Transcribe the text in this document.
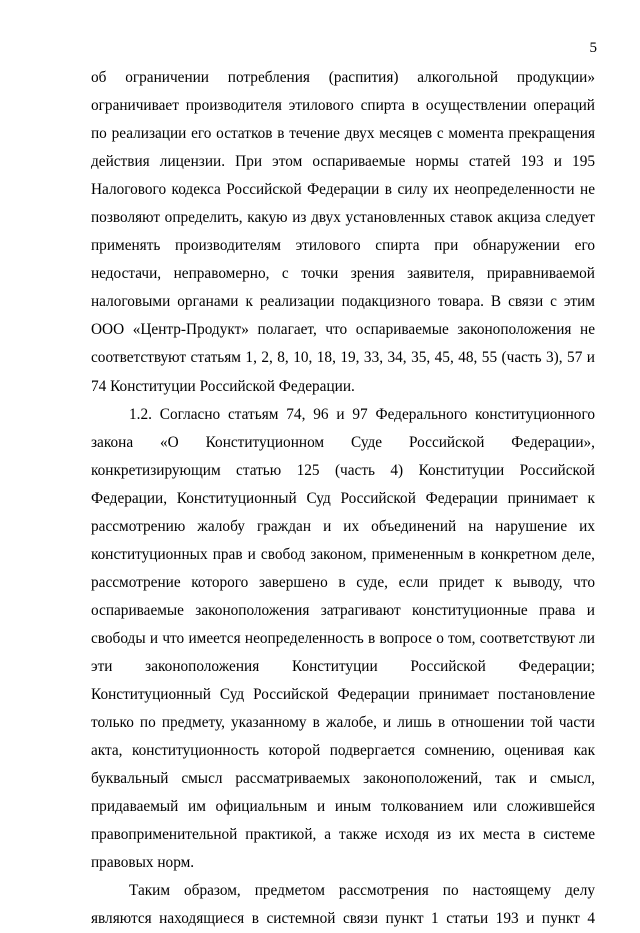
5
об ограничении потребления (распития) алкогольной продукции»
ограничивает производителя этилового спирта в осуществлении операций
по реализации его остатков в течение двух месяцев с момента прекращения
действия лицензии. При этом оспариваемые нормы статей 193 и 195
Налогового кодекса Российской Федерации в силу их неопределенности не
позволяют определить, какую из двух установленных ставок акциза следует
применять производителям этилового спирта при обнаружении его
недостачи, неправомерно, с точки зрения заявителя, приравниваемой
налоговыми органами к реализации подакцизного товара. В связи с этим
ООО «Центр-Продукт» полагает, что оспариваемые законоположения не
соответствуют статьям 1, 2, 8, 10, 18, 19, 33, 34, 35, 45, 48, 55 (часть 3), 57 и
74 Конституции Российской Федерации.
1.2. Согласно статьям 74, 96 и 97 Федерального конституционного
закона «О Конституционном Суде Российской Федерации»,
конкретизирующим статью 125 (часть 4) Конституции Российской
Федерации, Конституционный Суд Российской Федерации принимает к
рассмотрению жалобу граждан и их объединений на нарушение их
конституционных прав и свобод законом, примененным в конкретном деле,
рассмотрение которого завершено в суде, если придет к выводу, что
оспариваемые законоположения затрагивают конституционные права и
свободы и что имеется неопределенность в вопросе о том, соответствуют ли
эти законоположения Конституции Российской Федерации;
Конституционный Суд Российской Федерации принимает постановление
только по предмету, указанному в жалобе, и лишь в отношении той части
акта, конституционность которой подвергается сомнению, оценивая как
буквальный смысл рассматриваемых законоположений, так и смысл,
придаваемый им официальным и иным толкованием или сложившейся
правоприменительной практикой, а также исходя из их места в системе
правовых норм.
Таким образом, предметом рассмотрения по настоящему делу
являются находящиеся в системной связи пункт 1 статьи 193 и пункт 4
